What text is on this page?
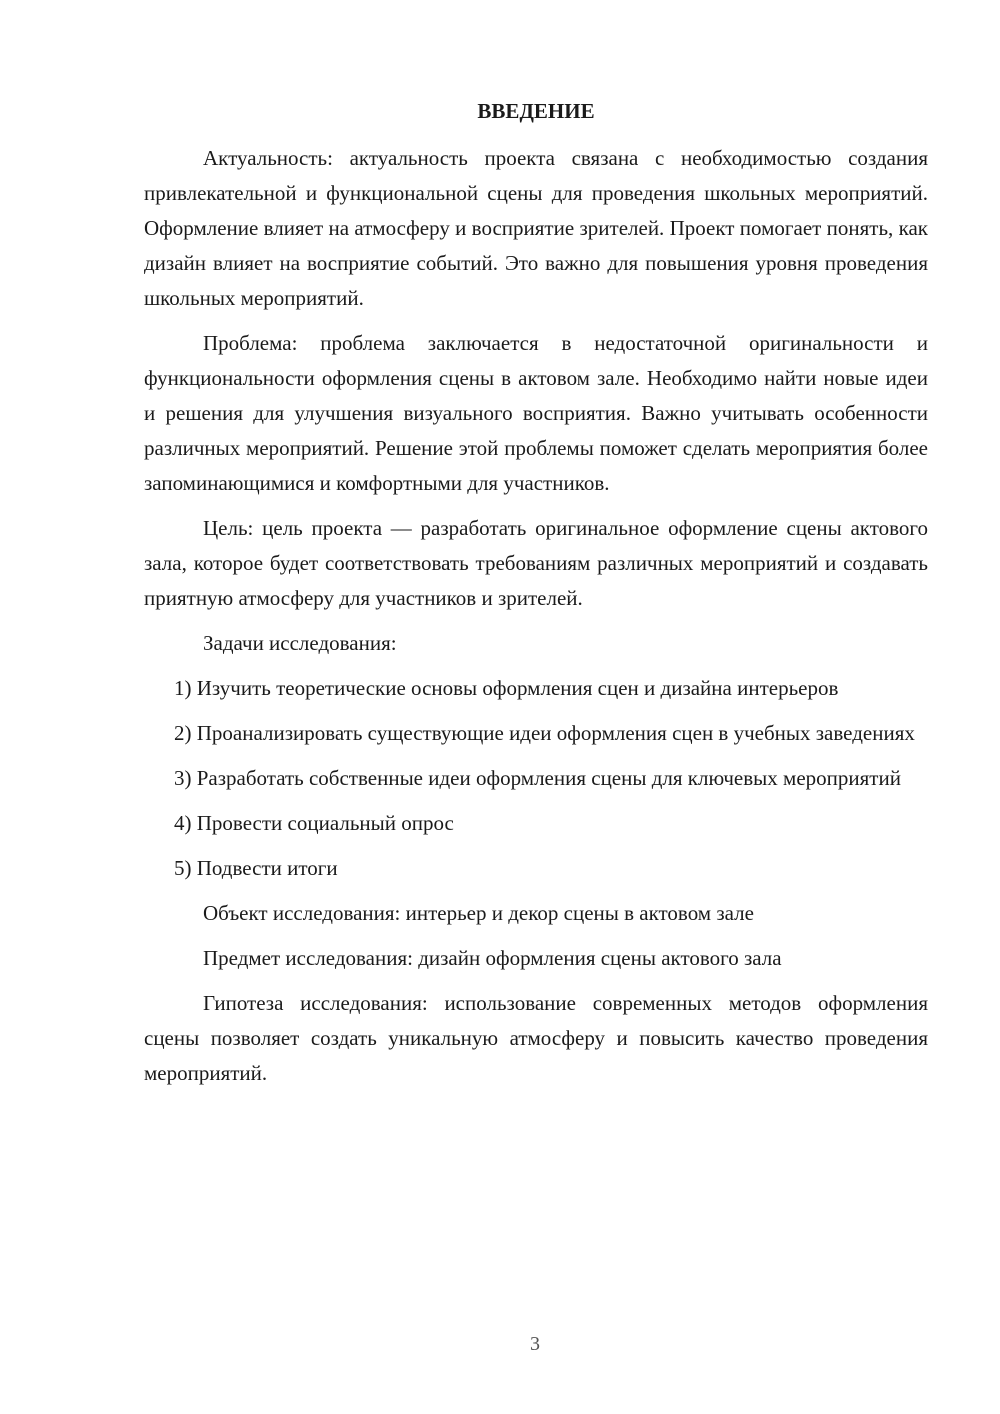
ВВЕДЕНИЕ

Актуальность: актуальность проекта связана с необходимостью создания привлекательной и функциональной сцены для проведения школьных мероприятий. Оформление влияет на атмосферу и восприятие зрителей. Проект помогает понять, как дизайн влияет на восприятие событий. Это важно для повышения уровня проведения школьных мероприятий.

Проблема: проблема заключается в недостаточной оригинальности и функциональности оформления сцены в актовом зале. Необходимо найти новые идеи и решения для улучшения визуального восприятия. Важно учитывать особенности различных мероприятий. Решение этой проблемы поможет сделать мероприятия более запоминающимися и комфортными для участников.

Цель: цель проекта — разработать оригинальное оформление сцены актового зала, которое будет соответствовать требованиям различных мероприятий и создавать приятную атмосферу для участников и зрителей.

Задачи исследования:

1) Изучить теоретические основы оформления сцен и дизайна интерьеров

2) Проанализировать существующие идеи оформления сцен в учебных заведениях

3) Разработать собственные идеи оформления сцены для ключевых мероприятий

4) Провести социальный опрос

5) Подвести итоги

Объект исследования: интерьер и декор сцены в актовом зале

Предмет исследования: дизайн оформления сцены актового зала

Гипотеза исследования: использование современных методов оформления сцены позволяет создать уникальную атмосферу и повысить качество проведения мероприятий.

3
